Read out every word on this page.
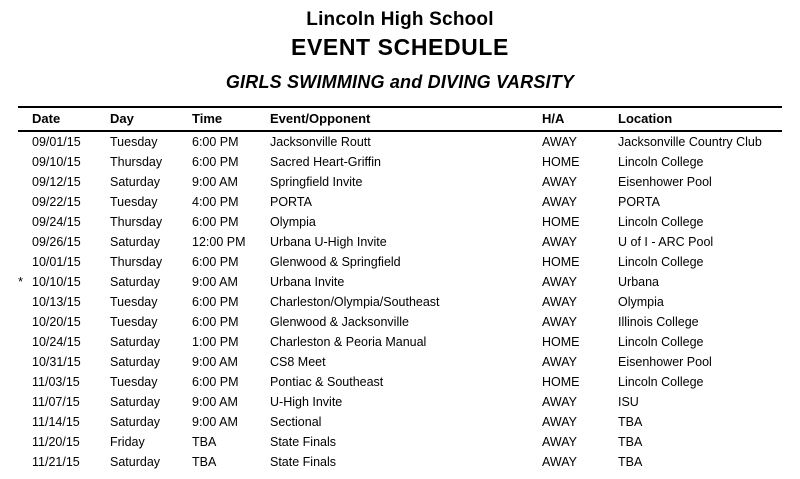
Lincoln High School
EVENT SCHEDULE
GIRLS SWIMMING and DIVING VARSITY
	Date	Day	Time	Event/Opponent	H/A	Location
	09/01/15	Tuesday	6:00 PM	Jacksonville Routt	AWAY	Jacksonville Country Club
	09/10/15	Thursday	6:00 PM	Sacred Heart-Griffin	HOME	Lincoln College
	09/12/15	Saturday	9:00 AM	Springfield Invite	AWAY	Eisenhower Pool
	09/22/15	Tuesday	4:00 PM	PORTA	AWAY	PORTA
	09/24/15	Thursday	6:00 PM	Olympia	HOME	Lincoln College
	09/26/15	Saturday	12:00 PM	Urbana U-High Invite	AWAY	U of I - ARC Pool
	10/01/15	Thursday	6:00 PM	Glenwood & Springfield	HOME	Lincoln College
*	10/10/15	Saturday	9:00 AM	Urbana Invite	AWAY	Urbana
	10/13/15	Tuesday	6:00 PM	Charleston/Olympia/Southeast	AWAY	Olympia
	10/20/15	Tuesday	6:00 PM	Glenwood & Jacksonville	AWAY	Illinois College
	10/24/15	Saturday	1:00 PM	Charleston & Peoria Manual	HOME	Lincoln College
	10/31/15	Saturday	9:00 AM	CS8 Meet	AWAY	Eisenhower Pool
	11/03/15	Tuesday	6:00 PM	Pontiac & Southeast	HOME	Lincoln College
	11/07/15	Saturday	9:00 AM	U-High Invite	AWAY	ISU
	11/14/15	Saturday	9:00 AM	Sectional	AWAY	TBA
	11/20/15	Friday	TBA	State Finals	AWAY	TBA
	11/21/15	Saturday	TBA	State Finals	AWAY	TBA
